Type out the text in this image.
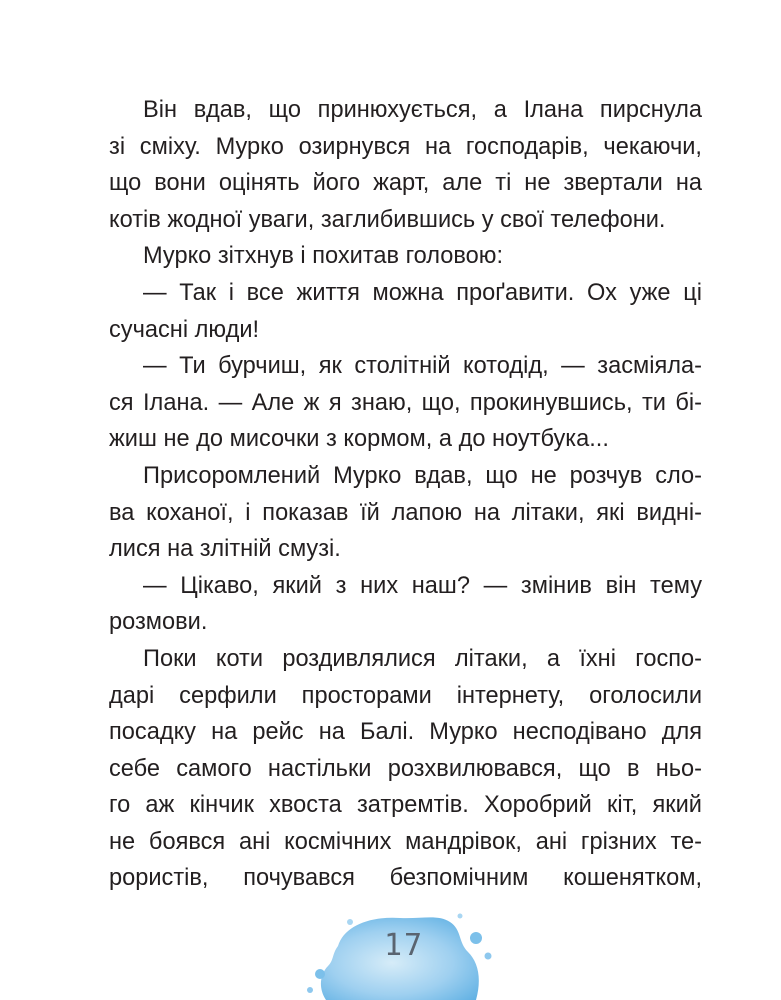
Він вдав, що принюхується, а Ілана пирснула
зі сміху. Мурко озирнувся на господарів, чекаючи,
що вони оцінять його жарт, але ті не звертали на
котів жодної уваги, заглибившись у свої телефони.
Мурко зітхнув і похитав головою:
— Так і все життя можна проґавити. Ох уже ці
сучасні люди!
— Ти бурчиш, як столітній котодід, — засміяла-
ся Ілана. — Але ж я знаю, що, прокинувшись, ти бі-
жиш не до мисочки з кормом, а до ноутбука...
Присоромлений Мурко вдав, що не розчув сло-
ва коханої, і показав їй лапою на літаки, які видні-
лися на злітній смузі.
— Цікаво, який з них наш? — змінив він тему
розмови.
Поки коти роздивлялися літаки, а їхні госпо-
дарі серфили просторами інтернету, оголосили
посадку на рейс на Балі. Мурко несподівано для
себе самого настільки розхвилювався, що в ньо-
го аж кінчик хвоста затремтів. Хоробрий кіт, який
не боявся ані космічних мандрівок, ані грізних те-
рористів, почувався безпомічним кошенятком,
17
